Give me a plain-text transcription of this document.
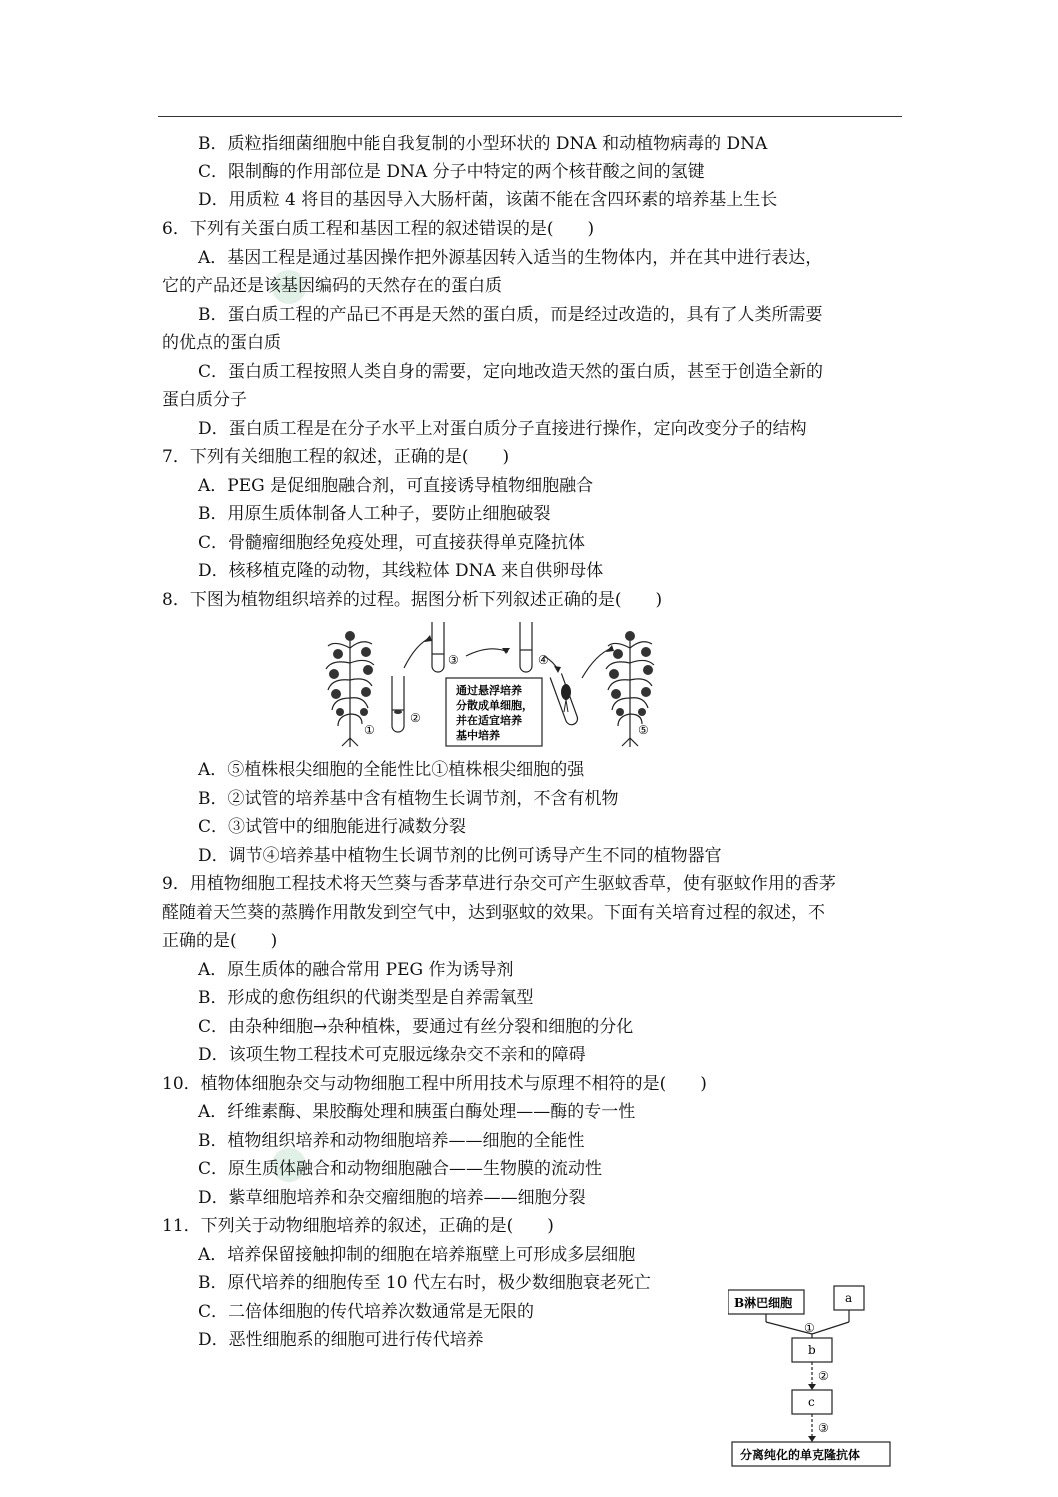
B．质粒指细菌细胞中能自我复制的小型环状的 DNA 和动植物病毒的 DNA
C．限制酶的作用部位是 DNA 分子中特定的两个核苷酸之间的氢键
D．用质粒 4 将目的基因导入大肠杆菌，该菌不能在含四环素的培养基上生长
6．下列有关蛋白质工程和基因工程的叙述错误的是(　　)
A．基因工程是通过基因操作把外源基因转入适当的生物体内，并在其中进行表达，
它的产品还是该基因编码的天然存在的蛋白质
B．蛋白质工程的产品已不再是天然的蛋白质，而是经过改造的，具有了人类所需要
的优点的蛋白质
C．蛋白质工程按照人类自身的需要，定向地改造天然的蛋白质，甚至于创造全新的
蛋白质分子
D．蛋白质工程是在分子水平上对蛋白质分子直接进行操作，定向改变分子的结构
7．下列有关细胞工程的叙述，正确的是(　　)
A．PEG 是促细胞融合剂，可直接诱导植物细胞融合
B．用原生质体制备人工种子，要防止细胞破裂
C．骨髓瘤细胞经免疫处理，可直接获得单克隆抗体
D．核移植克隆的动物，其线粒体 DNA 来自供卵母体
8．下图为植物组织培养的过程。据图分析下列叙述正确的是(　　)
A．⑤植株根尖细胞的全能性比①植株根尖细胞的强
B．②试管的培养基中含有植物生长调节剂，不含有机物
C．③试管中的细胞能进行减数分裂
D．调节④培养基中植物生长调节剂的比例可诱导产生不同的植物器官
9．用植物细胞工程技术将天竺葵与香茅草进行杂交可产生驱蚊香草，使有驱蚊作用的香茅
醛随着天竺葵的蒸腾作用散发到空气中，达到驱蚊的效果。下面有关培育过程的叙述，不
正确的是(　　)
A．原生质体的融合常用 PEG 作为诱导剂
B．形成的愈伤组织的代谢类型是自养需氧型
C．由杂种细胞→杂种植株，要通过有丝分裂和细胞的分化
D．该项生物工程技术可克服远缘杂交不亲和的障碍
10．植物体细胞杂交与动物细胞工程中所用技术与原理不相符的是(　　)
A．纤维素酶、果胶酶处理和胰蛋白酶处理——酶的专一性
B．植物组织培养和动物细胞培养——细胞的全能性
C．原生质体融合和动物细胞融合——生物膜的流动性
D．紫草细胞培养和杂交瘤细胞的培养——细胞分裂
11．下列关于动物细胞培养的叙述，正确的是(　　)
A．培养保留接触抑制的细胞在培养瓶壁上可形成多层细胞
B．原代培养的细胞传至 10 代左右时，极少数细胞衰老死亡
C．二倍体细胞的传代培养次数通常是无限的
D．恶性细胞系的细胞可进行传代培养
①
②
③	④
⑤
通过悬浮培养
分散成单细胞，
并在适宜培养
基中培养
B淋巴细胞	a
①
b
②
c
③
分离纯化的单克隆抗体
